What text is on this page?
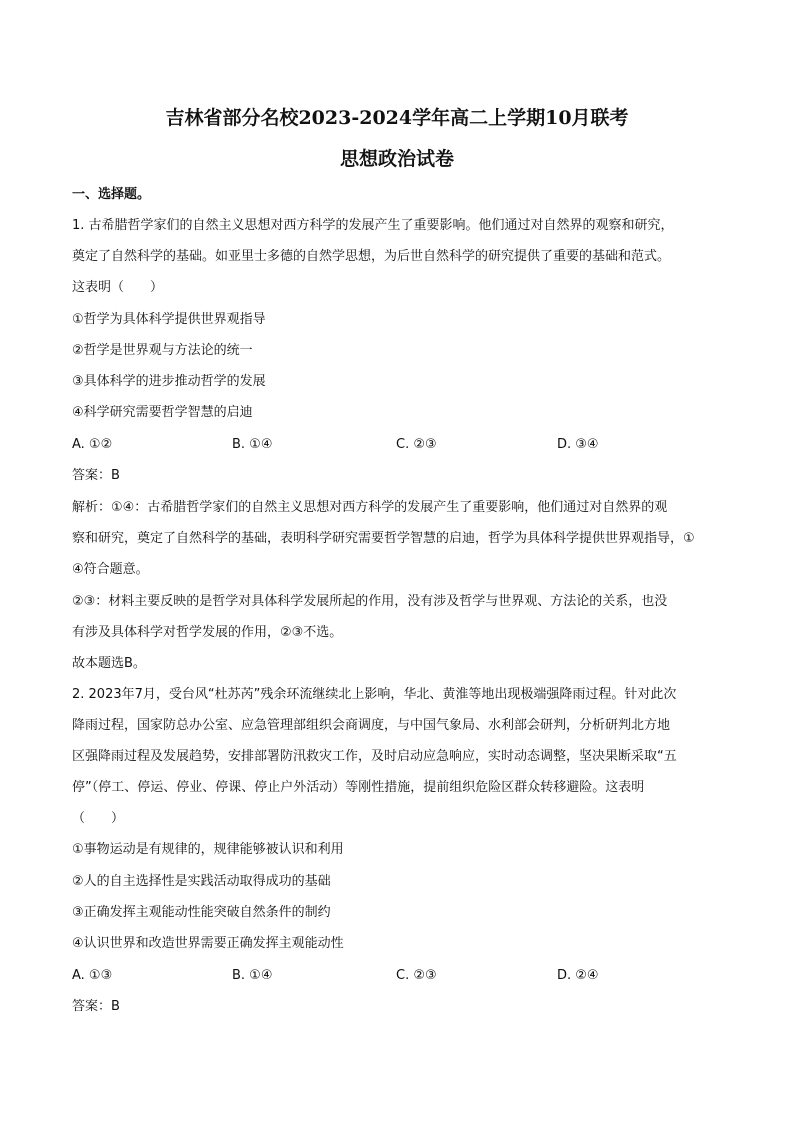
吉林省部分名校2023-2024学年高二上学期10月联考
思想政治试卷
一、选择题。
1. 古希腊哲学家们的自然主义思想对西方科学的发展产生了重要影响。他们通过对自然界的观察和研究，
奠定了自然科学的基础。如亚里士多德的自然学思想，为后世自然科学的研究提供了重要的基础和范式。
这表明（　　）
①哲学为具体科学提供世界观指导
②哲学是世界观与方法论的统一
③具体科学的进步推动哲学的发展
④科学研究需要哲学智慧的启迪
A. ①②	B. ①④	C. ②③	D. ③④
答案：B
解析：①④：古希腊哲学家们的自然主义思想对西方科学的发展产生了重要影响，他们通过对自然界的观
察和研究，奠定了自然科学的基础，表明科学研究需要哲学智慧的启迪，哲学为具体科学提供世界观指导，①
④符合题意。
②③：材料主要反映的是哲学对具体科学发展所起的作用，没有涉及哲学与世界观、方法论的关系，也没
有涉及具体科学对哲学发展的作用，②③不选。
故本题选B。
2. 2023年7月，受台风“杜苏芮”残余环流继续北上影响，华北、黄淮等地出现极端强降雨过程。针对此次
降雨过程，国家防总办公室、应急管理部组织会商调度，与中国气象局、水利部会研判，分析研判北方地
区强降雨过程及发展趋势，安排部署防汛救灾工作，及时启动应急响应，实时动态调整，坚决果断采取“五
停”（停工、停运、停业、停课、停止户外活动）等刚性措施，提前组织危险区群众转移避险。这表明
（　　）
①事物运动是有规律的，规律能够被认识和利用
②人的自主选择性是实践活动取得成功的基础
③正确发挥主观能动性能突破自然条件的制约
④认识世界和改造世界需要正确发挥主观能动性
A. ①③	B. ①④	C. ②③	D. ②④
答案：B
